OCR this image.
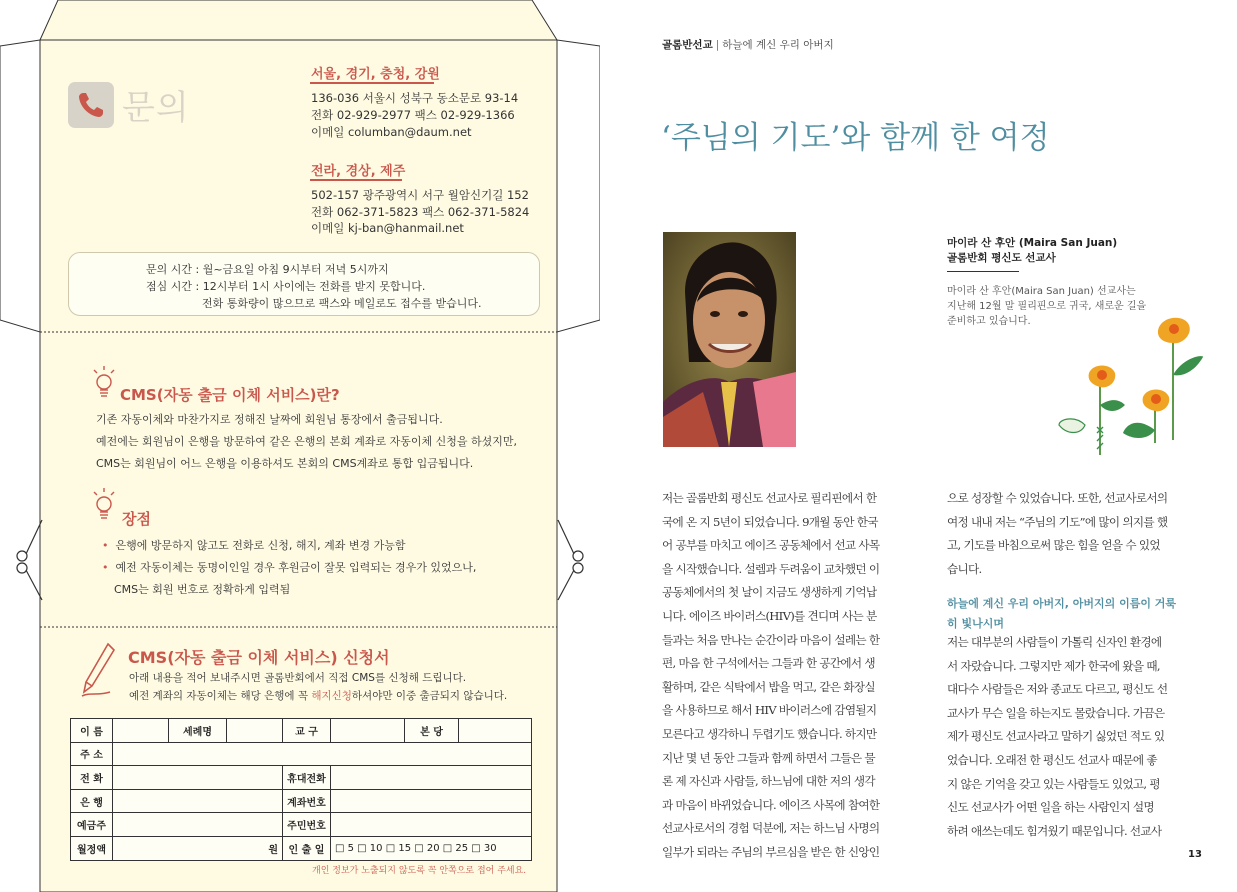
문의
서울, 경기, 충청, 강원
136-036 서울시 성북구 동소문로 93-14
전화 02-929-2977 팩스 02-929-1366
이메일 columban@daum.net
전라, 경상, 제주
502-157 광주광역시 서구 월암신기길 152
전화 062-371-5823 팩스 062-371-5824
이메일 kj-ban@hanmail.net
문의 시간 : 월~금요일 아침 9시부터 저녁 5시까지
점심 시간 : 12시부터 1시 사이에는 전화를 받지 못합니다.
전화 통화량이 많으므로 팩스와 메일로도 접수를 받습니다.
CMS(자동 출금 이체 서비스)란?
기존 자동이체와 마찬가지로 정해진 날짜에 회원님 통장에서 출금됩니다.
예전에는 회원님이 은행을 방문하여 같은 은행의 본회 계좌로 자동이체 신청을 하셨지만,
CMS는 회원님이 어느 은행을 이용하셔도 본회의 CMS계좌로 통합 입금됩니다.
장점
• 은행에 방문하지 않고도 전화로 신청, 해지, 계좌 변경 가능함
• 예전 자동이체는 동명이인일 경우 후원금이 잘못 입력되는 경우가 있었으나,
CMS는 회원 번호로 정확하게 입력됨
CMS(자동 출금 이체 서비스) 신청서
아래 내용을 적어 보내주시면 골롬반회에서 직접 CMS를 신청해 드립니다.
예전 계좌의 자동이체는 해당 은행에 꼭 해지신청하셔야만 이중 출금되지 않습니다.
이 름		세례명		교 구		본 당	
주 소							
전 화				휴대전화			
은 행				계좌번호			
예금주				주민번호			
월정액	원			인 출 일	□ 5 □ 10 □ 15 □ 20 □ 25 □ 30		
개인 정보가 노출되지 않도록 꼭 안쪽으로 접어 주세요.
골롬반선교 | 하늘에 계신 우리 아버지
‘주님의 기도’와 함께 한 여정
마이라 산 후안 (Maira San Juan)
골롬반회 평신도 선교사
마이라 산 후안(Maira San Juan) 선교사는
지난해 12월 말 필리핀으로 귀국, 새로운 길을
준비하고 있습니다.
13
저는 골롬반회 평신도 선교사로 필리핀에서 한
국에 온 지 5년이 되었습니다. 9개월 동안 한국
어 공부를 마치고 에이즈 공동체에서 선교 사목
을 시작했습니다. 설렘과 두려움이 교차했던 이
공동체에서의 첫 날이 지금도 생생하게 기억납
니다. 에이즈 바이러스(HIV)를 견디며 사는 분
들과는 처음 만나는 순간이라 마음이 설레는 한
편, 마음 한 구석에서는 그들과 한 공간에서 생
활하며, 같은 식탁에서 밥을 먹고, 같은 화장실
을 사용하므로 해서 HIV 바이러스에 감염될지
모른다고 생각하니 두렵기도 했습니다. 하지만
지난 몇 년 동안 그들과 함께 하면서 그들은 물
론 제 자신과 사람들, 하느님에 대한 저의 생각
과 마음이 바뀌었습니다. 에이즈 사목에 참여한
선교사로서의 경험 덕분에, 저는 하느님 사명의
일부가 되라는 주님의 부르심을 받은 한 신앙인
으로 성장할 수 있었습니다. 또한, 선교사로서의
여정 내내 저는 “주님의 기도”에 많이 의지를 했
고, 기도를 바침으로써 많은 힘을 얻을 수 있었
습니다.
하늘에 계신 우리 아버지, 아버지의 이름이 거룩
히 빛나시며
저는 대부분의 사람들이 가톨릭 신자인 환경에
서 자랐습니다. 그렇지만 제가 한국에 왔을 때,
대다수 사람들은 저와 종교도 다르고, 평신도 선
교사가 무슨 일을 하는지도 몰랐습니다. 가끔은
제가 평신도 선교사라고 말하기 싫었던 적도 있
었습니다. 오래전 한 평신도 선교사 때문에 좋
지 않은 기억을 갖고 있는 사람들도 있었고, 평
신도 선교사가 어떤 일을 하는 사람인지 설명
하려 애쓰는데도 힘겨웠기 때문입니다. 선교사
